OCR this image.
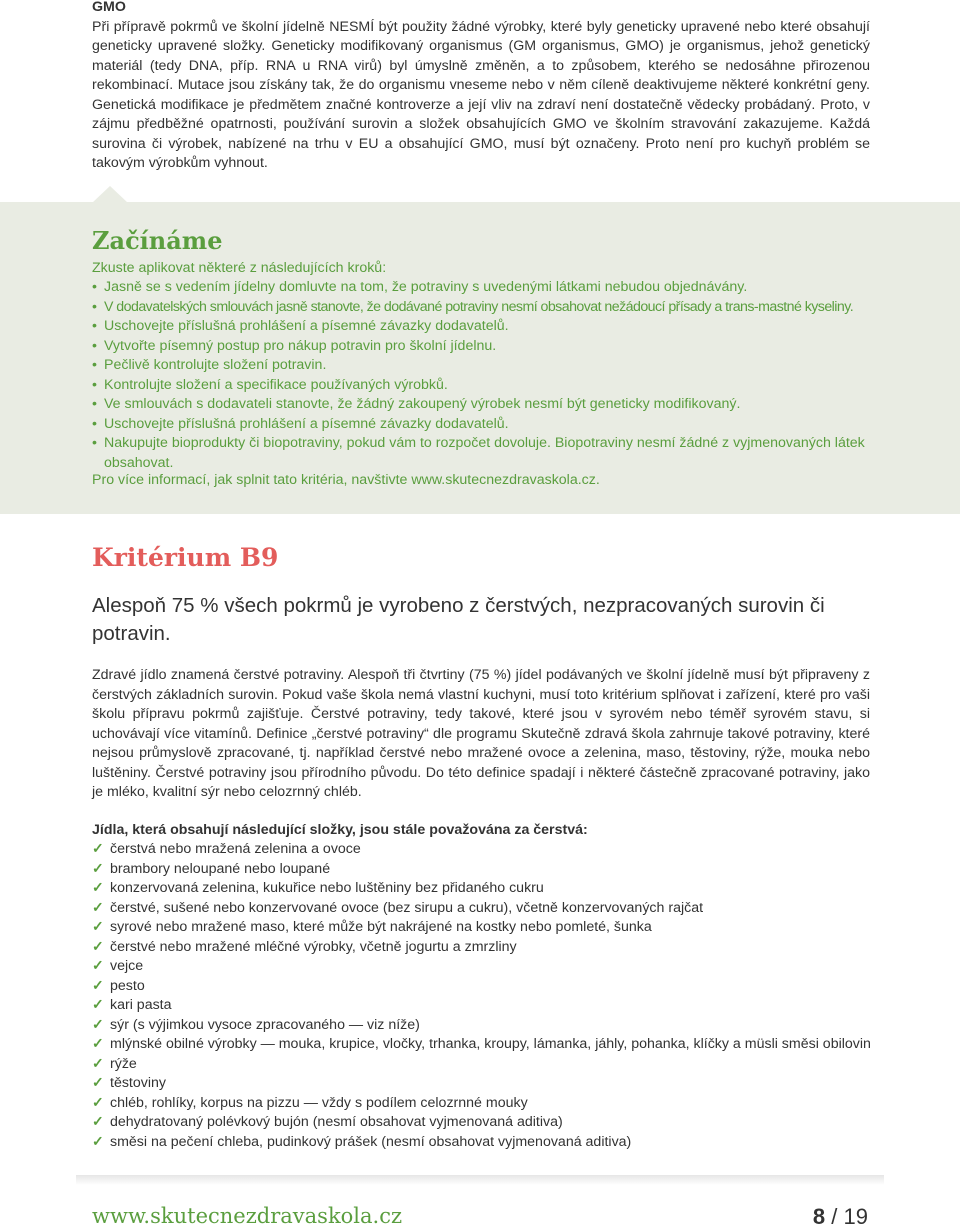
GMO

Při přípravě pokrmů ve školní jídelně NESMÍ být použity žádné výrobky, které byly geneticky upravené nebo které obsahují geneticky upravené složky. Geneticky modifikovaný organismus (GM organismus, GMO) je organismus, jehož genetický materiál (tedy DNA, příp. RNA u RNA virů) byl úmyslně změněn, a to způsobem, kterého se nedosáhne přirozenou rekombinací. Mutace jsou získány tak, že do organismu vneseme nebo v něm cíleně deaktivujeme některé konkrétní geny. Genetická modifikace je předmětem značné kontroverze a její vliv na zdraví není dostatečně vědecky probádaný. Proto, v zájmu předběžné opatrnosti, používání surovin a složek obsahujících GMO ve školním stravování zakazujeme. Každá surovina či výrobek, nabízené na trhu v EU a obsahující GMO, musí být označeny. Proto není pro kuchyň problém se takovým výrobkům vyhnout.

Začínáme
Zkuste aplikovat některé z následujících kroků:
• Jasně se s vedením jídelny domluvte na tom, že potraviny s uvedenými látkami nebudou objednávány.
• V dodavatelských smlouvách jasně stanovte, že dodávané potraviny nesmí obsahovat nežádoucí přísady a trans-mastné kyseliny.
• Uschovejte příslušná prohlášení a písemné závazky dodavatelů.
• Vytvořte písemný postup pro nákup potravin pro školní jídelnu.
• Pečlivě kontrolujte složení potravin.
• Kontrolujte složení a specifikace používaných výrobků.
• Ve smlouvách s dodavateli stanovte, že žádný zakoupený výrobek nesmí být geneticky modifikovaný.
• Uschovejte příslušná prohlášení a písemné závazky dodavatelů.
• Nakupujte bioprodukty či biopotraviny, pokud vám to rozpočet dovoluje. Biopotraviny nesmí žádné z vyjmenovaných látek obsahovat.
Pro více informací, jak splnit tato kritéria, navštivte www.skutecnezdravaskola.cz.
Kritérium B9

Alespoň 75 % všech pokrmů je vyrobeno z čerstvých, nezpracovaných surovin či potravin.

Zdravé jídlo znamená čerstvé potraviny. Alespoň tři čtvrtiny (75 %) jídel podávaných ve školní jídelně musí být připraveny z čerstvých základních surovin. Pokud vaše škola nemá vlastní kuchyni, musí toto kritérium splňovat i zařízení, které pro vaši školu přípravu pokrmů zajišťuje. Čerstvé potraviny, tedy takové, které jsou v syrovém nebo téměř syrovém stavu, si uchovávají více vitamínů. Definice „čerstvé potraviny“ dle programu Skutečně zdravá škola zahrnuje takové potraviny, které nejsou průmyslově zpracované, tj. například čerstvé nebo mražené ovoce a zelenina, maso, těstoviny, rýže, mouka nebo luštěniny. Čerstvé potraviny jsou přírodního původu. Do této definice spadají i některé částečně zpracované potraviny, jako je mléko, kvalitní sýr nebo celozrnný chléb.

Jídla, která obsahují následující složky, jsou stále považována za čerstvá:
✓ čerstvá nebo mražená zelenina a ovoce
✓ brambory neloupané nebo loupané
✓ konzervovaná zelenina, kukuřice nebo luštěniny bez přidaného cukru
✓ čerstvé, sušené nebo konzervované ovoce (bez sirupu a cukru), včetně konzervovaných rajčat
✓ syrové nebo mražené maso, které může být nakrájené na kostky nebo pomleté, šunka
✓ čerstvé nebo mražené mléčné výrobky, včetně jogurtu a zmrzliny
✓ vejce
✓ pesto
✓ kari pasta
✓ sýr (s výjimkou vysoce zpracovaného — viz níže)
✓ mlýnské obilné výrobky — mouka, krupice, vločky, trhanka, kroupy, lámanka, jáhly, pohanka, klíčky a müsli směsi obilovin
✓ rýže
✓ těstoviny
✓ chléb, rohlíky, korpus na pizzu — vždy s podílem celozrnné mouky
✓ dehydratovaný polévkový bujón (nesmí obsahovat vyjmenovaná aditiva)
✓ směsi na pečení chleba, pudinkový prášek (nesmí obsahovat vyjmenovaná aditiva)
www.skutecnezdravaskola.cz	8 / 19
